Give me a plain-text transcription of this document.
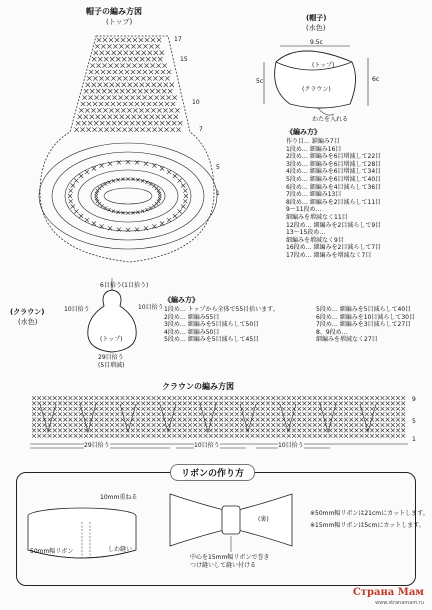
帽子の編み方図
(トップ)
17
15
10
7
5
1
(帽子)
(水色)
9.5c
5c	6c
(トップ)
(クラウン)
わたを入れる
《編み方》
作り目… 鎖編み7目
1段め… 細編み16目
2段め… 細編みを6目増減して22目
3段め… 細編みを6目増減して28目
4段め… 細編みを6目増減して34目
5段め… 細編みを6目増減して40目
6段め… 細編みを4目減らして36目
7段め… 細編み13目
8段め… 細編みを2目減らして11目
9～11段め…
細編みを増減なく11目
12段め… 細編みを2目減らして9目
13～15段め…
細編みを増減なく9目
16段め… 細編みを2目減らして7目
17段め… 細編みを増減なく7目
(クラウン)
(水色)
6目拾う(1目拾う)
10目拾う	10目拾う
(トップ)
29目拾う
(5目増減)
《編み方》
1段め… トップから全体で55目拾います。
2段め… 細編み55目
3段め… 細編みを5目減らして50目
4段め… 細編み50目
5段め… 細編みを5目減らして45目
5段め… 細編みを5目減らして40目
6段め… 細編みを10目減らして30目
7段め… 細編みを3目減らして27目
8、9段め…
細編みを増減なく27目
クラウンの編み方図
9
5
1
29目拾う	10目拾う	10目拾う
リボンの作り方
10mm重ねる
50mm幅リボン	しわ縫い
(裏)
中心を15mm幅リボンで巻き
つけ縫いして縫い付ける
※50mm幅リボンは21cmにカットします。
※15mm幅リボンは5cmにカットします。
Страна Мам
www.stranamam.ru
